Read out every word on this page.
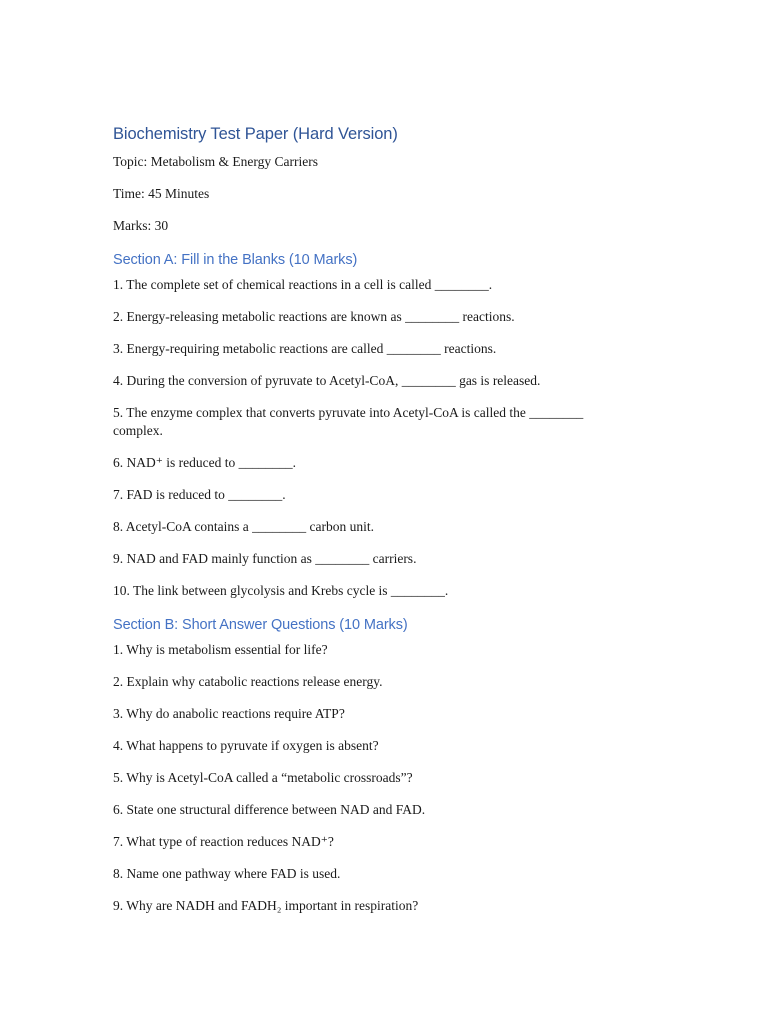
Biochemistry Test Paper (Hard Version)

Topic: Metabolism & Energy Carriers

Time: 45 Minutes

Marks: 30

Section A: Fill in the Blanks (10 Marks)

1. The complete set of chemical reactions in a cell is called ________.

2. Energy-releasing metabolic reactions are known as ________ reactions.

3. Energy-requiring metabolic reactions are called ________ reactions.

4. During the conversion of pyruvate to Acetyl-CoA, ________ gas is released.

5. The enzyme complex that converts pyruvate into Acetyl-CoA is called the ________ complex.

6. NAD⁺ is reduced to ________.

7. FAD is reduced to ________.

8. Acetyl-CoA contains a ________ carbon unit.

9. NAD and FAD mainly function as ________ carriers.

10. The link between glycolysis and Krebs cycle is ________.

Section B: Short Answer Questions (10 Marks)

1. Why is metabolism essential for life?

2. Explain why catabolic reactions release energy.

3. Why do anabolic reactions require ATP?

4. What happens to pyruvate if oxygen is absent?

5. Why is Acetyl-CoA called a “metabolic crossroads”?

6. State one structural difference between NAD and FAD.

7. What type of reaction reduces NAD⁺?

8. Name one pathway where FAD is used.

9. Why are NADH and FADH₂ important in respiration?
